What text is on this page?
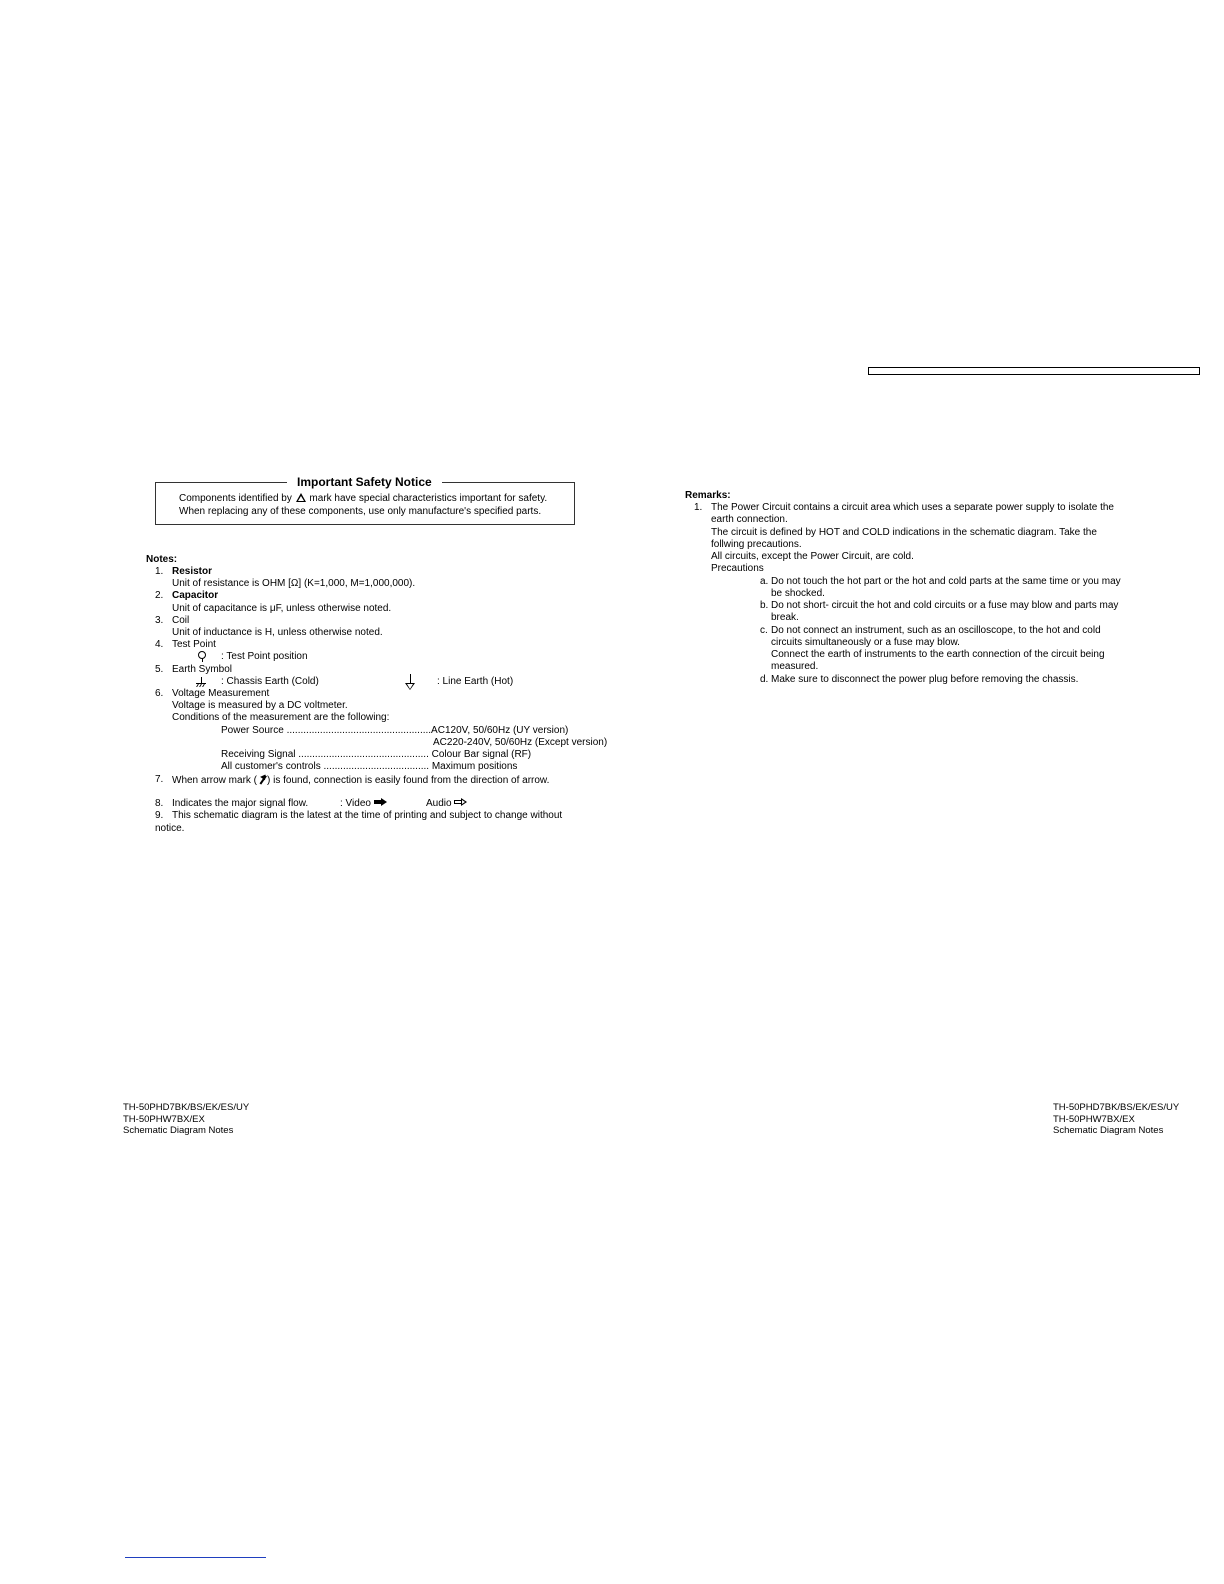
Important Safety Notice
Components identified by mark have special characteristics important for safety.
When replacing any of these components, use only manufacture's specified parts.
Notes:
1. Resistor
Unit of resistance is OHM [Ω] (K=1,000, M=1,000,000).
2. Capacitor
Unit of capacitance is μF, unless otherwise noted.
3. Coil
Unit of inductance is H, unless otherwise noted.
4. Test Point
: Test Point position
5. Earth Symbol
: Chassis Earth (Cold)	: Line Earth (Hot)
6. Voltage Measurement
Voltage is measured by a DC voltmeter.
Conditions of the measurement are the following:
Power Source ....................................................AC120V, 50/60Hz (UY version)
AC220-240V, 50/60Hz (Except version)
Receiving Signal ............................................... Colour Bar signal (RF)
All customer's controls ...................................... Maximum positions
7. When arrow mark ( ) is found, connection is easily found from the direction of arrow.
8. Indicates the major signal flow.	: Video	Audio
9. This schematic diagram is the latest at the time of printing and subject to change without
notice.
Remarks:
1. The Power Circuit contains a circuit area which uses a separate power supply to isolate the
earth connection.
The circuit is defined by HOT and COLD indications in the schematic diagram. Take the
follwing precautions.
All circuits, except the Power Circuit, are cold.
Precautions
a. Do not touch the hot part or the hot and cold parts at the same time or you may
be shocked.
b. Do not short- circuit the hot and cold circuits or a fuse may blow and parts may
break.
c. Do not connect an instrument, such as an oscilloscope, to the hot and cold
circuits simultaneously or a fuse may blow.
Connect the earth of instruments to the earth connection of the circuit being
measured.
d. Make sure to disconnect the power plug before removing the chassis.
TH-50PHD7BK/BS/EK/ES/UY
TH-50PHW7BX/EX
Schematic Diagram Notes
TH-50PHD7BK/BS/EK/ES/UY
TH-50PHW7BX/EX
Schematic Diagram Notes
